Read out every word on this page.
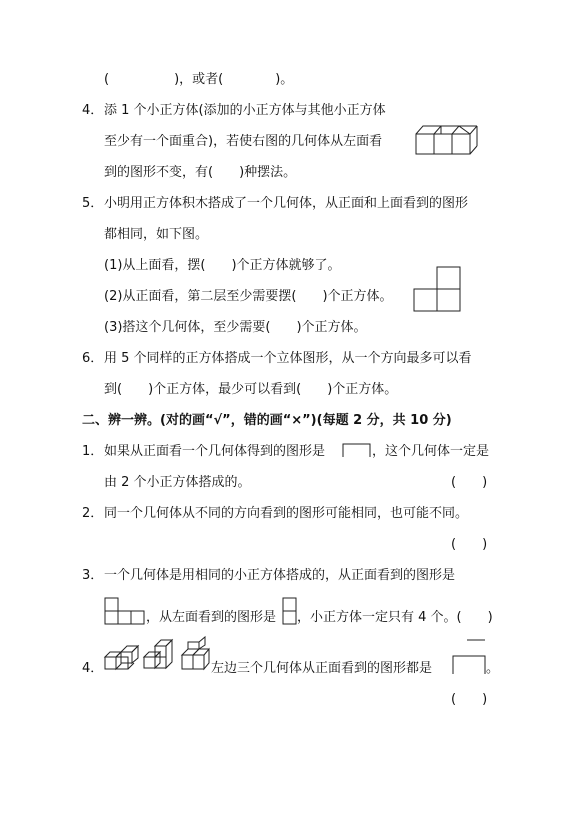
(　　　　　)，或者(　　　　)。
4． 添 1 个小正方体(添加的小正方体与其他小正方体
至少有一个面重合)，若使右图的几何体从左面看
到的图形不变，有(　　)种摆法。
5． 小明用正方体积木搭成了一个几何体，从正面和上面看到的图形
都相同，如下图。
(1)从上面看，摆(　　)个正方体就够了。
(2)从正面看，第二层至少需要摆(　　)个正方体。
(3)搭这个几何体，至少需要(　　)个正方体。
6． 用 5 个同样的正方体搭成一个立体图形，从一个方向最多可以看
到(　　)个正方体，最少可以看到(　　)个正方体。
二、辨一辨。(对的画“√”，错的画“×”)(每题 2 分，共 10 分)
1． 如果从正面看一个几何体得到的图形是	，这个几何体一定是
由 2 个小正方体搭成的。	(　　)
2． 同一个几何体从不同的方向看到的图形可能相同，也可能不同。
(　　)
3． 一个几何体是用相同的小正方体搭成的，从正面看到的图形是
，从左面看到的图形是 ，小正方体一定只有 4 个。(　　)
4．	左边三个几何体从正面看到的图形都是	。
(　　)
